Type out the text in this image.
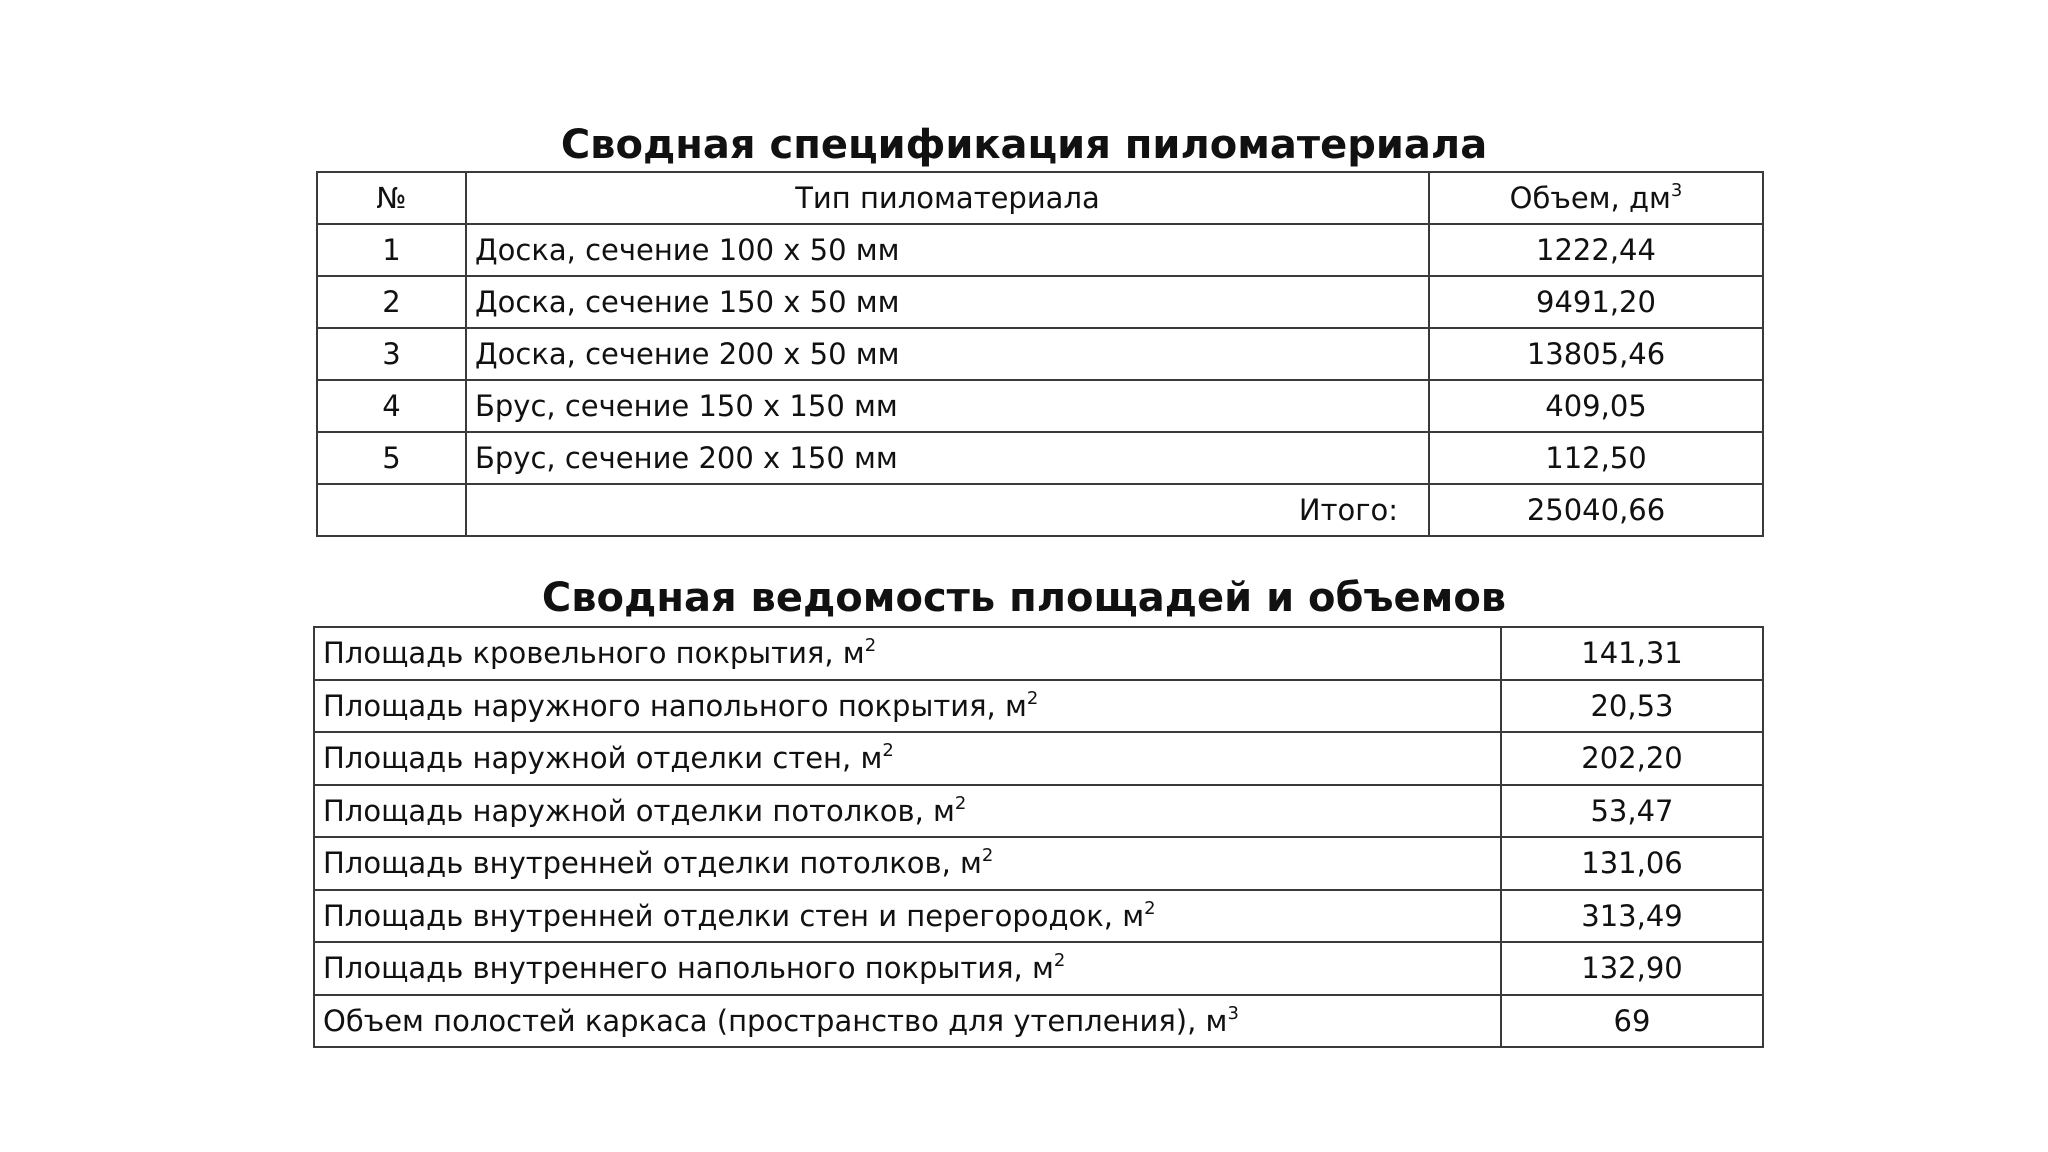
Сводная спецификация пиломатериала
№	Тип пиломатериала	Объем, $дм^3$
1	Доска, сечение 100 х 50 мм	1222,44
2	Доска, сечение 150 х 50 мм	9491,20
3	Доска, сечение 200 х 50 мм	13805,46
4	Брус, сечение 150 х 150 мм	409,05
5	Брус, сечение 200 х 150 мм	112,50
	Итого:	25040,66
Сводная ведомость площадей и объемов
Площадь кровельного покрытия, $м^2$	141,31
Площадь наружного напольного покрытия, $м^2$	20,53
Площадь наружной отделки стен, $м^2$	202,20
Площадь наружной отделки потолков, $м^2$	53,47
Площадь внутренней отделки потолков, $м^2$	131,06
Площадь внутренней отделки стен и перегородок, $м^2$	313,49
Площадь внутреннего напольного покрытия, $м^2$	132,90
Объем полостей каркаса (пространство для утепления), $м^3$	69
